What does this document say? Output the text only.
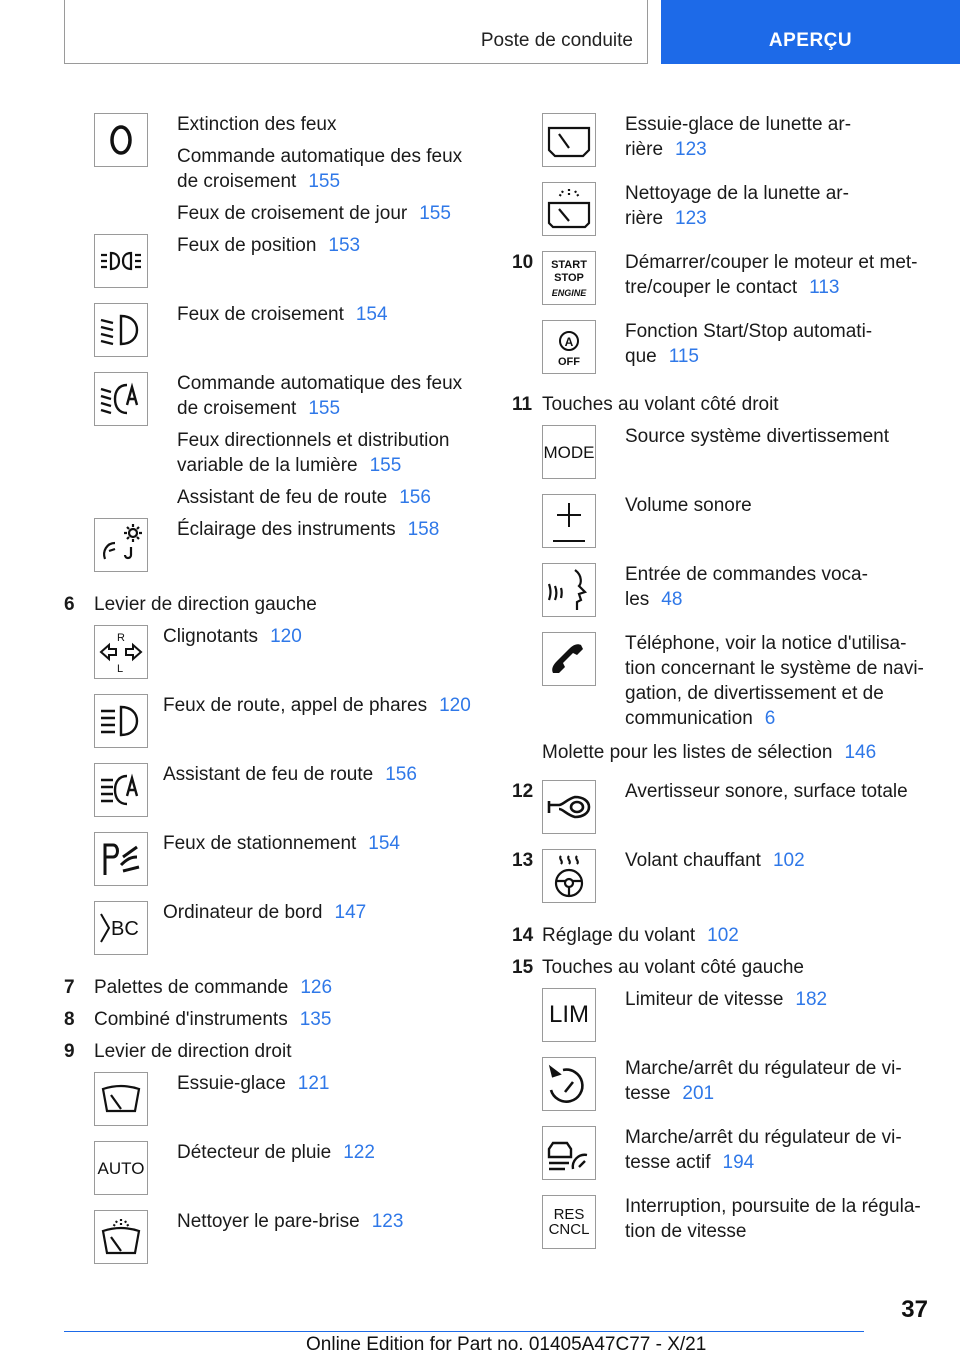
Poste de conduite	APERÇU

Extinction des feux

Commande automatique des feux de croisement 155

Feux de croisement de jour 155

Feux de position 153

Feux de croisement 154

Commande automatique des feux de croisement 155

Feux directionnels et distribution variable de la lumière 155

Assistant de feu de route 156

Éclairage des instruments 158

6	Levier de direction gauche
R
L

Clignotants 120

Feux de route, appel de phares 120

Assistant de feu de route 156

Feux de stationnement 154

BC

Ordinateur de bord 147

7	Palettes de commande 126
8	Combiné d'instruments 135
9	Levier de direction droit

Essuie-glace 121

AUTO

Détecteur de pluie 122

Nettoyer le pare-brise 123

Essuie-glace de lunette ar-
rière 123

Nettoyage de la lunette ar-
rière 123

10	START
STOP
ENGINE

Démarrer/couper le moteur et met-
tre/couper le contact 113

A
OFF

Fonction Start/Stop automati-
que 115

11 Touches au volant côté droit
MODE

Source système divertissement

Volume sonore

Entrée de commandes voca-
les 48

Téléphone, voir la notice d'utilisa-
tion concernant le système de navi-
gation, de divertissement et de
communication 6

Molette pour les listes de sélection 146
12	Avertisseur sonore, surface totale

13	Volant chauffant 102

14 Réglage du volant 102
15 Touches au volant côté gauche
LIM

Limiteur de vitesse 182

Marche/arrêt du régulateur de vi-
tesse 201

Marche/arrêt du régulateur de vi-
tesse actif 194

RES
CNCL

Interruption, poursuite de la régula-
tion de vitesse

37
Online Edition for Part no. 01405A47C77 - X/21
